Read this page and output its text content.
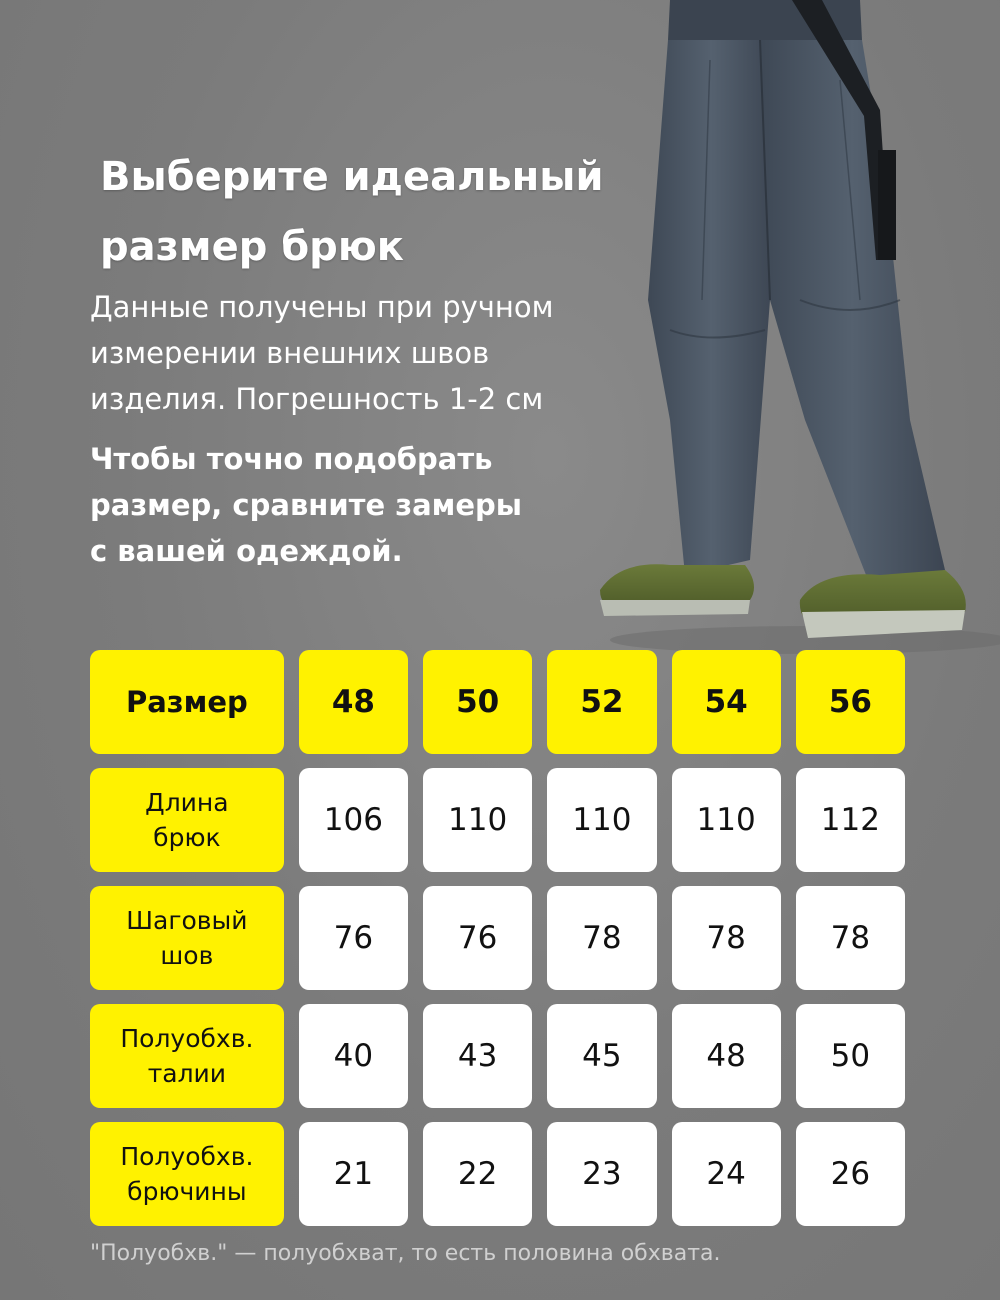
Выберите идеальный
размер брюк

Данные получены при ручном
измерении внешних швов
изделия. Погрешность 1-2 см

Чтобы точно подобрать
размер, сравните замеры
с вашей одеждой.

Размер	48	50	52	54	56
Длина
брюк	106	110	110	110	112
Шаговый
шов	76	76	78	78	78
Полуобхв.
талии	40	43	45	48	50
Полуобхв.
брючины	21	22	23	24	26

"Полуобхв." — полуобхват, то есть половина обхвата.
